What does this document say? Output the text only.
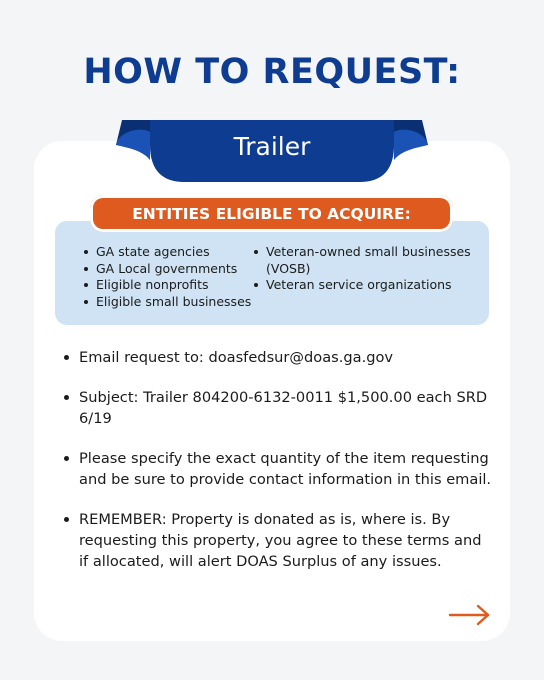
HOW TO REQUEST:
Trailer
ENTITIES ELIGIBLE TO ACQUIRE:
GA state agencies
GA Local governments
Eligible nonprofits
Eligible small businesses
Veteran-owned small businesses (VOSB)
Veteran service organizations
Email request to: doasfedsur@doas.ga.gov
Subject: Trailer 804200-6132-0011 $1,500.00 each SRD 6/19
Please specify the exact quantity of the item requesting and be sure to provide contact information in this email.
REMEMBER: Property is donated as is, where is. By requesting this property, you agree to these terms and if allocated, will alert DOAS Surplus of any issues.
